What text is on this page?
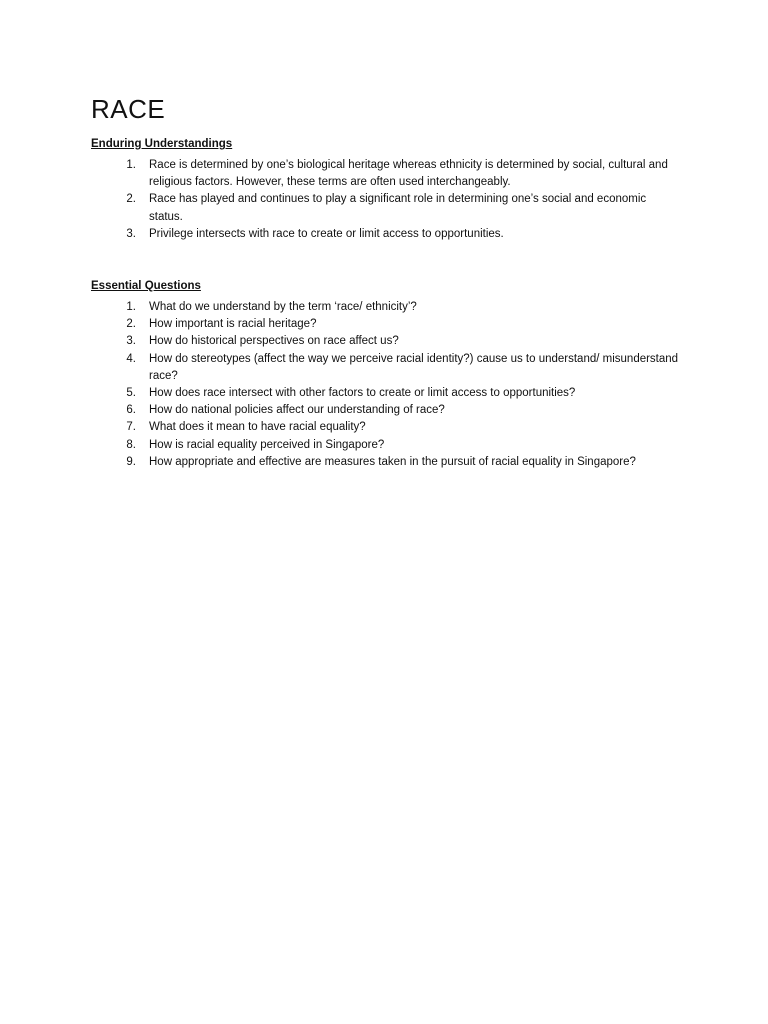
RACE
Enduring Understandings
1.	Race is determined by one’s biological heritage whereas ethnicity is determined by social, cultural and religious factors. However, these terms are often used interchangeably.
2.	Race has played and continues to play a significant role in determining one’s social and economic status.
3.	Privilege intersects with race to create or limit access to opportunities.
Essential Questions
1.	What do we understand by the term ‘race/ ethnicity’?
2.	How important is racial heritage?
3.	How do historical perspectives on race affect us?
4.	How do stereotypes (affect the way we perceive racial identity?) cause us to understand/ misunderstand race?
5.	How does race intersect with other factors to create or limit access to opportunities?
6.	How do national policies affect our understanding of race?
7.	What does it mean to have racial equality?
8.	How is racial equality perceived in Singapore?
9.	How appropriate and effective are measures taken in the pursuit of racial equality in Singapore?
